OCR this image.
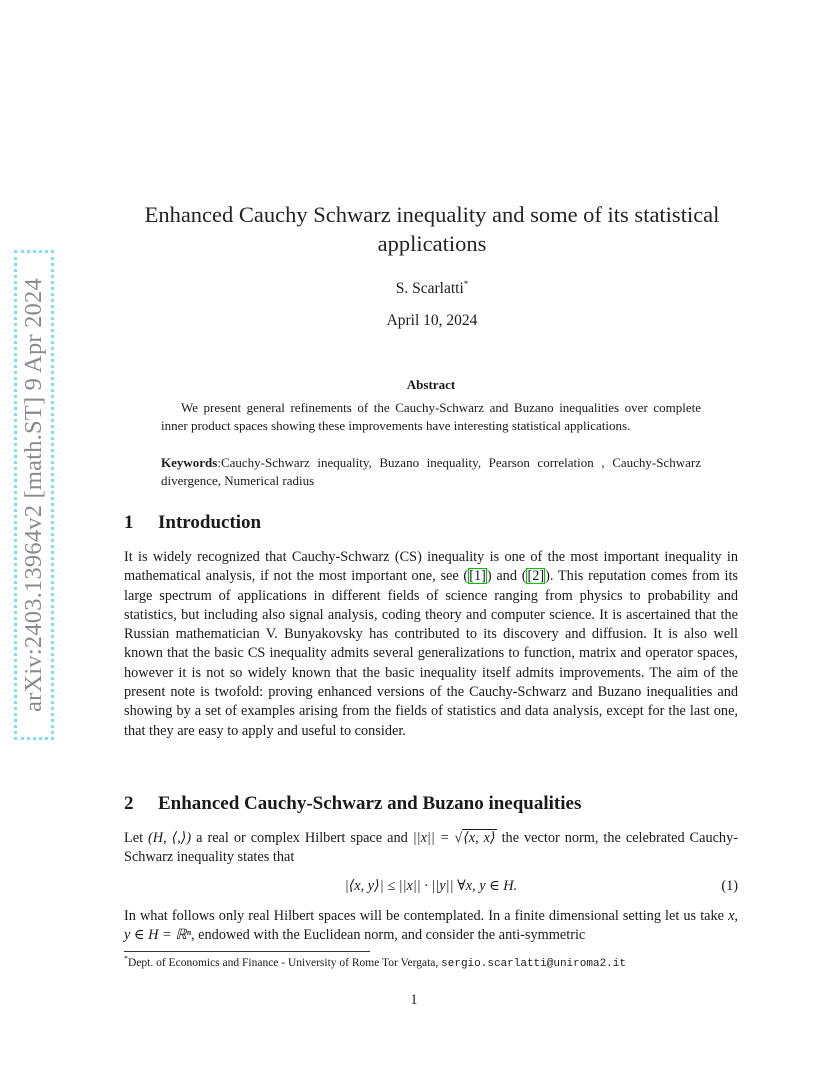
arXiv:2403.13964v2 [math.ST] 9 Apr 2024
Enhanced Cauchy Schwarz inequality and some of its statistical applications
S. Scarlatti*
April 10, 2024
Abstract
We present general refinements of the Cauchy-Schwarz and Buzano inequalities over complete inner product spaces showing these improvements have interesting statistical applications.
Keywords:Cauchy-Schwarz inequality, Buzano inequality, Pearson correlation , Cauchy-Schwarz divergence, Numerical radius
1 Introduction
It is widely recognized that Cauchy-Schwarz (CS) inequality is one of the most important inequality in mathematical analysis, if not the most important one, see ([1]) and ([2]). This reputation comes from its large spectrum of applications in different fields of science ranging from physics to probability and statistics, but including also signal analysis, coding theory and computer science. It is ascertained that the Russian mathematician V. Bunyakovsky has contributed to its discovery and diffusion. It is also well known that the basic CS inequality admits several generalizations to function, matrix and operator spaces, however it is not so widely known that the basic inequality itself admits improvements. The aim of the present note is twofold: proving enhanced versions of the Cauchy-Schwarz and Buzano inequalities and showing by a set of examples arising from the fields of statistics and data analysis, except for the last one, that they are easy to apply and useful to consider.
2 Enhanced Cauchy-Schwarz and Buzano inequalities
Let (H, ⟨,⟩) a real or complex Hilbert space and ||x|| = √⟨x, x⟩ the vector norm, the celebrated Cauchy-Schwarz inequality states that
|⟨x, y⟩| ≤ ||x|| · ||y|| ∀x, y ∈ H.	(1)
In what follows only real Hilbert spaces will be contemplated. In a finite dimensional setting let us take x, y ∈ H = ℝⁿ, endowed with the Euclidean norm, and consider the anti-symmetric
*Dept. of Economics and Finance - University of Rome Tor Vergata, sergio.scarlatti@uniroma2.it
1
